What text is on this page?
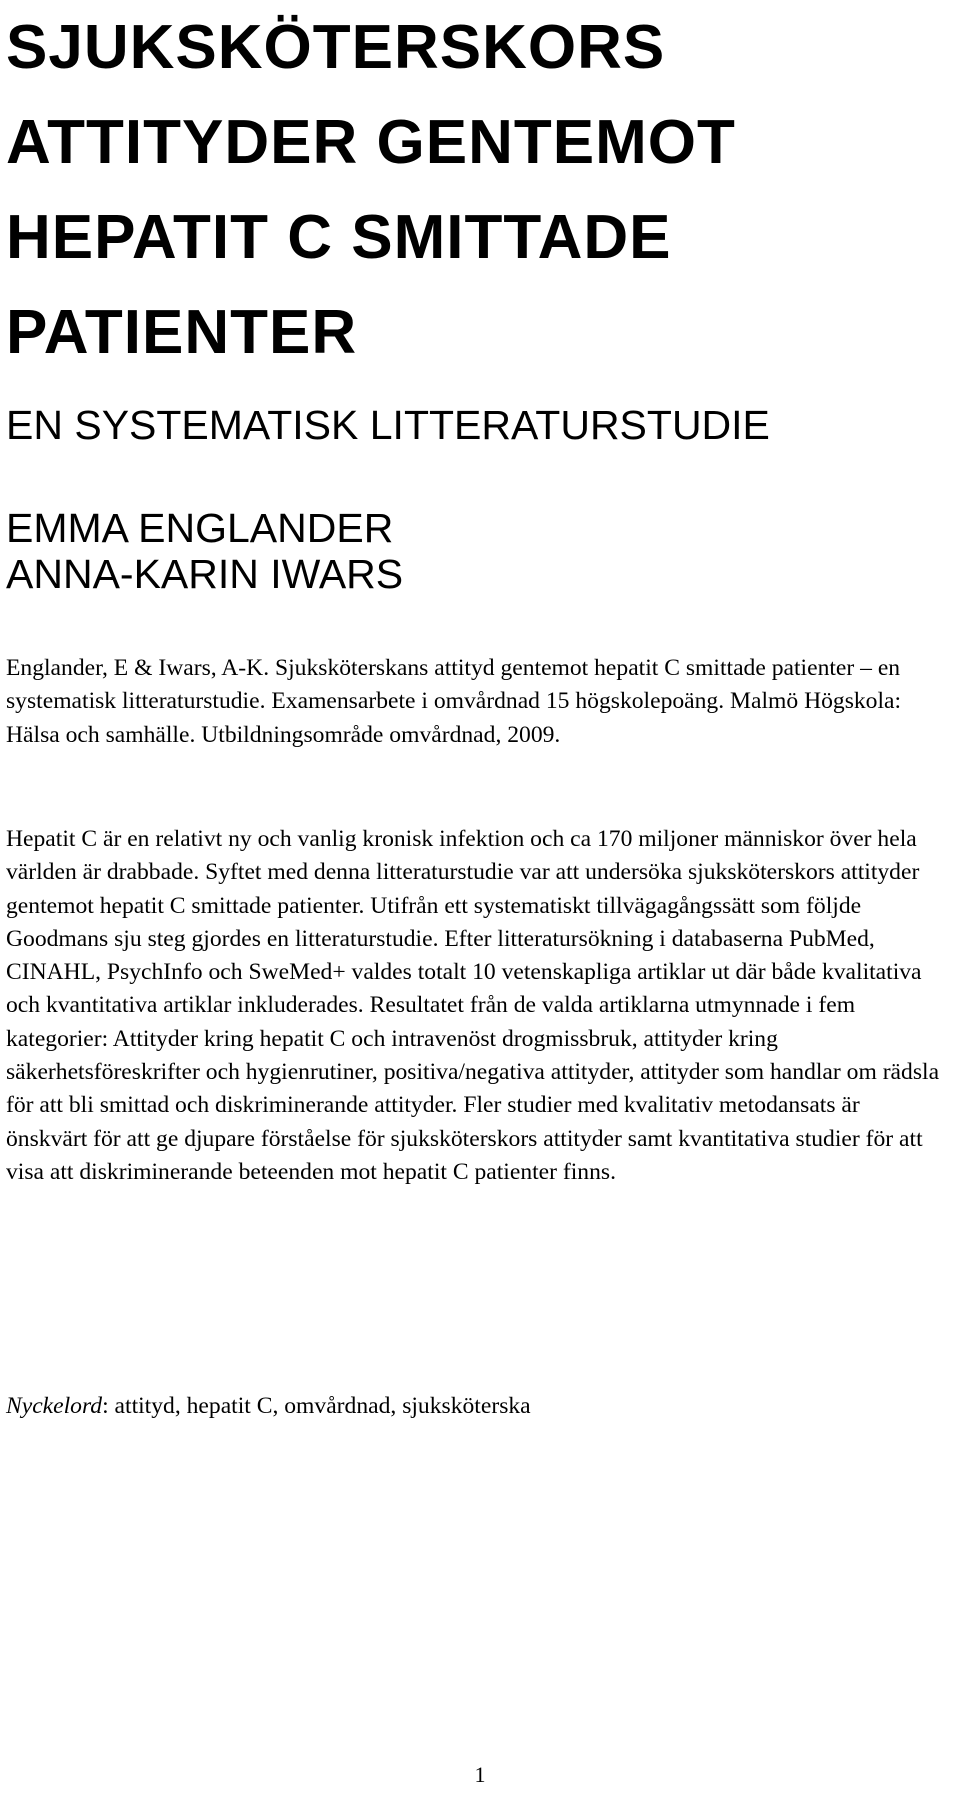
SJUKSKÖTERSKORS
ATTITYDER GENTEMOT
HEPATIT C SMITTADE
PATIENTER

EN SYSTEMATISK LITTERATURSTUDIE

EMMA ENGLANDER
ANNA-KARIN IWARS

Englander, E & Iwars, A-K. Sjuksköterskans attityd gentemot hepatit C smittade patienter – en systematisk litteraturstudie. Examensarbete i omvårdnad 15 högskolepoäng. Malmö Högskola: Hälsa och samhälle. Utbildningsområde omvårdnad, 2009.

Hepatit C är en relativt ny och vanlig kronisk infektion och ca 170 miljoner människor över hela världen är drabbade. Syftet med denna litteraturstudie var att undersöka sjuksköterskors attityder gentemot hepatit C smittade patienter. Utifrån ett systematiskt tillvägagångssätt som följde Goodmans sju steg gjordes en litteraturstudie. Efter litteratursökning i databaserna PubMed, CINAHL, PsychInfo och SweMed+ valdes totalt 10 vetenskapliga artiklar ut där både kvalitativa och kvantitativa artiklar inkluderades. Resultatet från de valda artiklarna utmynnade i fem kategorier: Attityder kring hepatit C och intravenöst drogmissbruk, attityder kring säkerhetsföreskrifter och hygienrutiner, positiva/negativa attityder, attityder som handlar om rädsla för att bli smittad och diskriminerande attityder. Fler studier med kvalitativ metodansats är önskvärt för att ge djupare förståelse för sjuksköterskors attityder samt kvantitativa studier för att visa att diskriminerande beteenden mot hepatit C patienter finns.

Nyckelord: attityd, hepatit C, omvårdnad, sjuksköterska

1
